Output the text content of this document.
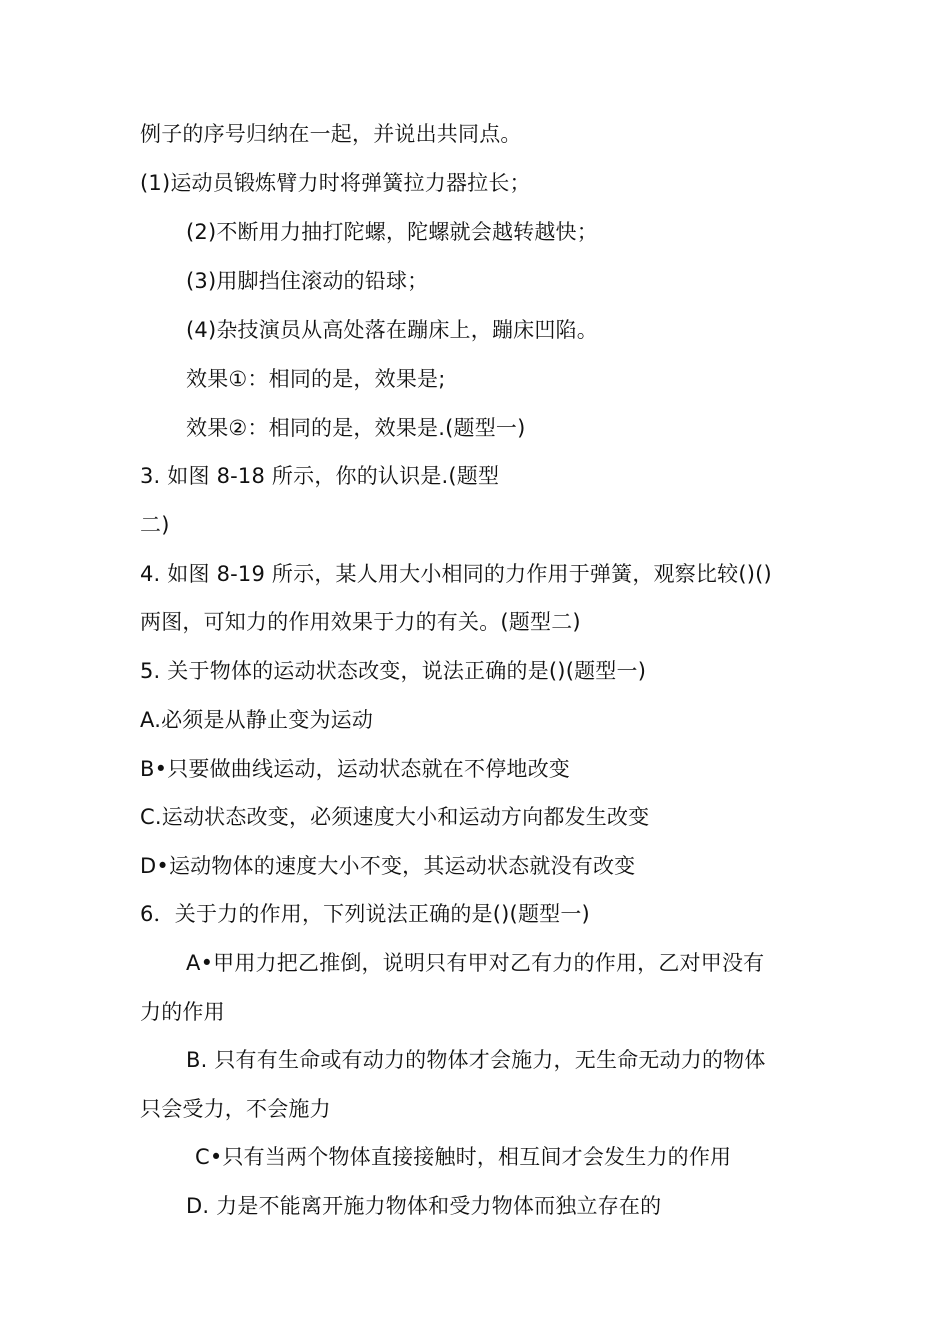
例子的序号归纳在一起，并说出共同点。
(1)运动员锻炼臂力时将弹簧拉力器拉长；
(2)不断用力抽打陀螺，陀螺就会越转越快；
(3)用脚挡住滚动的铅球；
(4)杂技演员从高处落在蹦床上，蹦床凹陷。
效果①：相同的是，效果是;
效果②：相同的是，效果是.(题型一)
3. 如图 8-18 所示，你的认识是.(题型
二)
4. 如图 8-19 所示，某人用大小相同的力作用于弹簧，观察比较()()
两图，可知力的作用效果于力的有关。(题型二)
5. 关于物体的运动状态改变，说法正确的是()(题型一)
A.必须是从静止变为运动
B•只要做曲线运动，运动状态就在不停地改变
C.运动状态改变，必须速度大小和运动方向都发生改变
D•运动物体的速度大小不变，其运动状态就没有改变
6．关于力的作用，下列说法正确的是()(题型一)
A•甲用力把乙推倒，说明只有甲对乙有力的作用，乙对甲没有
力的作用
B. 只有有生命或有动力的物体才会施力，无生命无动力的物体
只会受力，不会施力
C•只有当两个物体直接接触时，相互间才会发生力的作用
D. 力是不能离开施力物体和受力物体而独立存在的
